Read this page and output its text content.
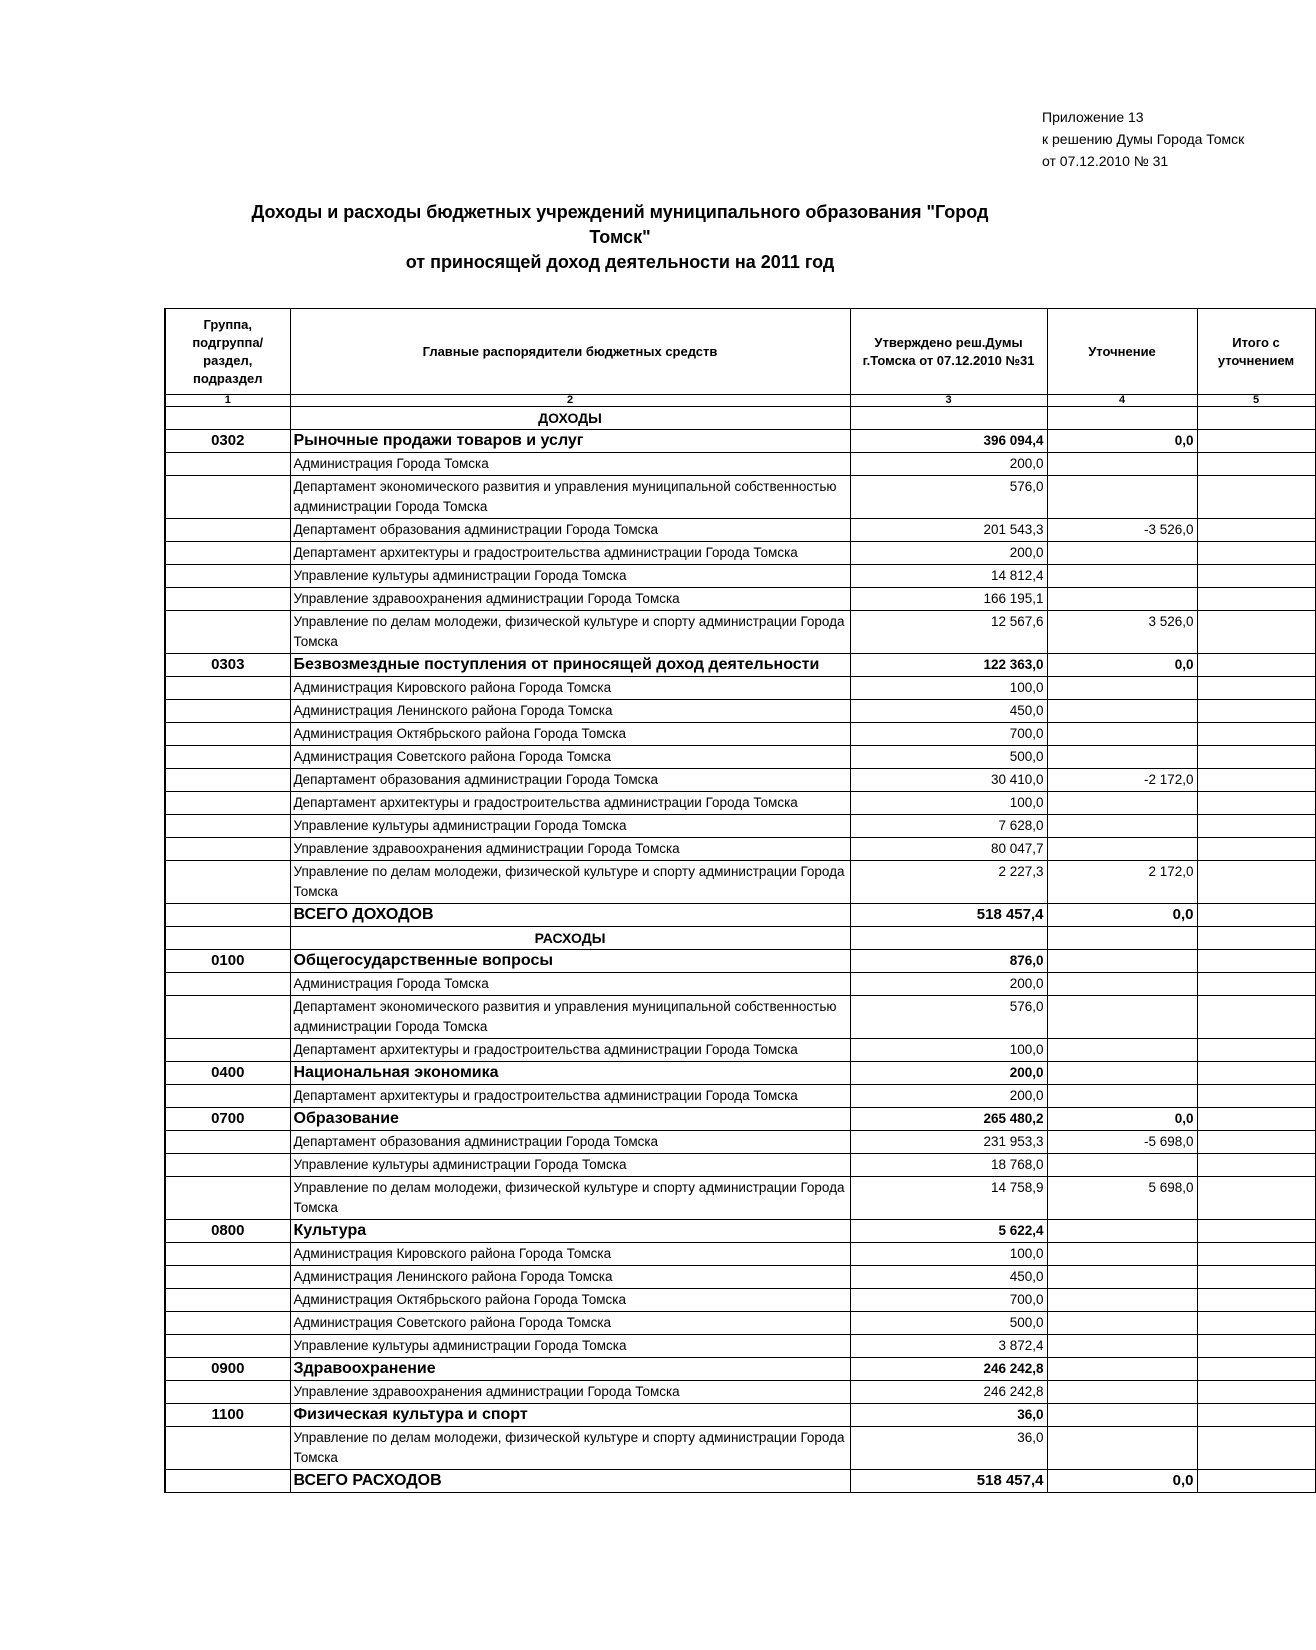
Приложение 13
к решению Думы Города Томск
от 07.12.2010 № 31
Доходы и расходы бюджетных учреждений муниципального образования "Город Томск"
от приносящей доход деятельности на 2011 год
Группа, подгруппа/ раздел, подраздел	Главные распорядители бюджетных средств	Утверждено реш.Думы г.Томска от 07.12.2010 №31	Уточнение	Итого с уточнением
1	2	3	4	5
	ДОХОДЫ			
0302	Рыночные продажи товаров и услуг	396 094,4	0,0	
	Администрация Города Томска	200,0		
	Департамент экономического развития и управления муниципальной собственностью администрации Города Томска	576,0		
	Департамент образования администрации Города Томска	201 543,3	-3 526,0	
	Департамент архитектуры и градостроительства администрации Города Томска	200,0		
	Управление культуры администрации Города Томска	14 812,4		
	Управление здравоохранения администрации Города Томска	166 195,1		
	Управление по делам молодежи, физической культуре и спорту администрации Города Томска	12 567,6	3 526,0	
0303	Безвозмездные поступления от приносящей доход деятельности	122 363,0	0,0	
	Администрация Кировского района Города Томска	100,0		
	Администрация Ленинского района Города Томска	450,0		
	Администрация Октябрьского района Города Томска	700,0		
	Администрация Советского района Города Томска	500,0		
	Департамент образования администрации Города Томска	30 410,0	-2 172,0	
	Департамент архитектуры и градостроительства администрации Города Томска	100,0		
	Управление культуры администрации Города Томска	7 628,0		
	Управление здравоохранения администрации Города Томска	80 047,7		
	Управление по делам молодежи, физической культуре и спорту администрации Города Томска	2 227,3	2 172,0	
	ВСЕГО ДОХОДОВ	518 457,4	0,0	
	РАСХОДЫ			
0100	Общегосударственные вопросы	876,0		
	Администрация Города Томска	200,0		
	Департамент экономического развития и управления муниципальной собственностью администрации Города Томска	576,0		
	Департамент архитектуры и градостроительства администрации Города Томска	100,0		
0400	Национальная экономика	200,0		
	Департамент архитектуры и градостроительства администрации Города Томска	200,0		
0700	Образование	265 480,2	0,0	
	Департамент образования администрации Города Томска	231 953,3	-5 698,0	
	Управление культуры администрации Города Томска	18 768,0		
	Управление по делам молодежи, физической культуре и спорту администрации Города Томска	14 758,9	5 698,0	
0800	Культура	5 622,4		
	Администрация Кировского района Города Томска	100,0		
	Администрация Ленинского района Города Томска	450,0		
	Администрация Октябрьского района Города Томска	700,0		
	Администрация Советского района Города Томска	500,0		
	Управление культуры администрации Города Томска	3 872,4		
0900	Здравоохранение	246 242,8		
	Управление здравоохранения администрации Города Томска	246 242,8		
1100	Физическая культура и спорт	36,0		
	Управление по делам молодежи, физической культуре и спорту администрации Города Томска	36,0		
	ВСЕГО РАСХОДОВ	518 457,4	0,0	
